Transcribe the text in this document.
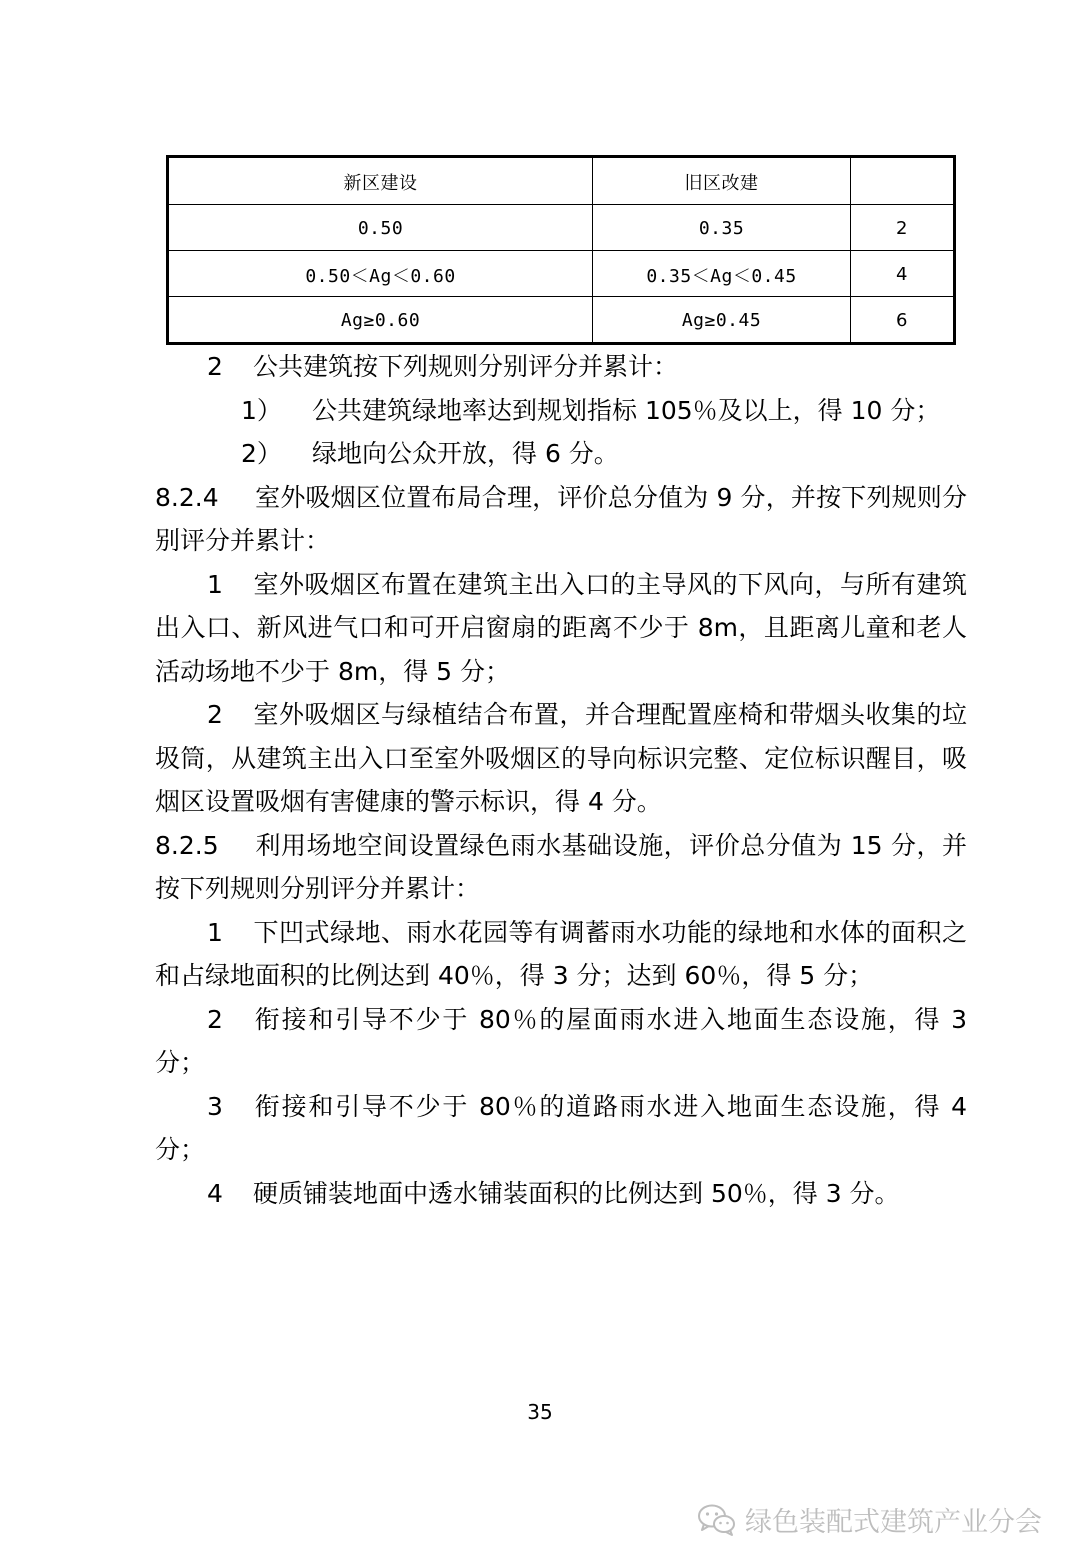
新区建设	旧区改建	
0.50	0.35	2
0.50＜Ag＜0.60	0.35＜Ag＜0.45	4
Ag≥0.60	Ag≥0.45	6

2 公共建筑按下列规则分别评分并累计：

1） 公共建筑绿地率达到规划指标 105％及以上，得 10 分；

2） 绿地向公众开放，得 6 分。

8.2.4 室外吸烟区位置布局合理，评价总分值为 9 分，并按下列规则分别评分并累计：

1 室外吸烟区布置在建筑主出入口的主导风的下风向，与所有建筑出入口、新风进气口和可开启窗扇的距离不少于 8m，且距离儿童和老人活动场地不少于 8m，得 5 分；

2 室外吸烟区与绿植结合布置，并合理配置座椅和带烟头收集的垃圾筒，从建筑主出入口至室外吸烟区的导向标识完整、定位标识醒目，吸烟区设置吸烟有害健康的警示标识，得 4 分。

8.2.5 利用场地空间设置绿色雨水基础设施，评价总分值为 15 分，并按下列规则分别评分并累计：

1 下凹式绿地、雨水花园等有调蓄雨水功能的绿地和水体的面积之和占绿地面积的比例达到 40％，得 3 分；达到 60％，得 5 分；

2 衔接和引导不少于 80％的屋面雨水进入地面生态设施，得 3 分；

3 衔接和引导不少于 80％的道路雨水进入地面生态设施，得 4 分；

4 硬质铺装地面中透水铺装面积的比例达到 50％，得 3 分。

35
绿色装配式建筑产业分会
